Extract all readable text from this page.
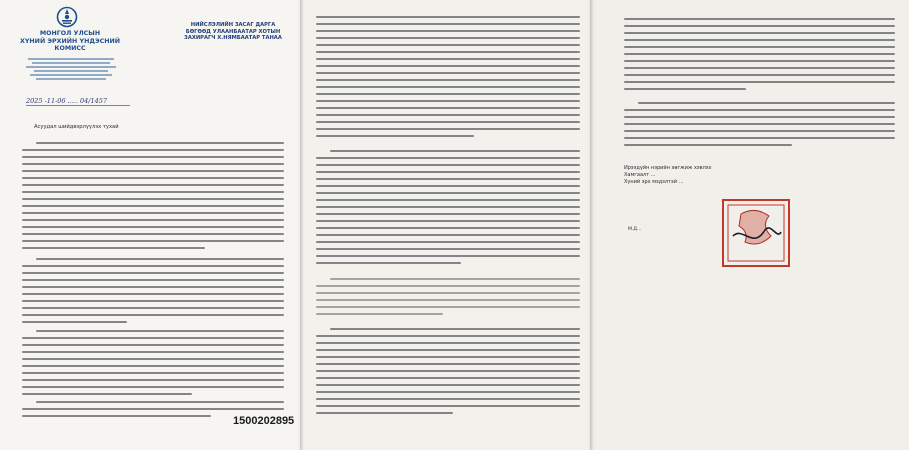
МОНГОЛ УЛСЫН
ХҮНИЙ ЭРХИЙН ҮНДЭСНИЙ
КОМИСС
НИЙСЛЭЛИЙН ЗАСАГ ДАРГА
БӨГӨӨД УЛААНБААТАР ХОТЫН
ЗАХИРАГЧ Х.НЯМБААТАР ТАНАА
2025 -11-06 ..... 04/1457
Асуудал шийдвэрлүүлэх тухай
1500202895
Ирээдүйн нэрийн хөгжиж хэвлэх
Хамгаалт ...
Хүний эрх мэдэлтэй ...
М.Д...
